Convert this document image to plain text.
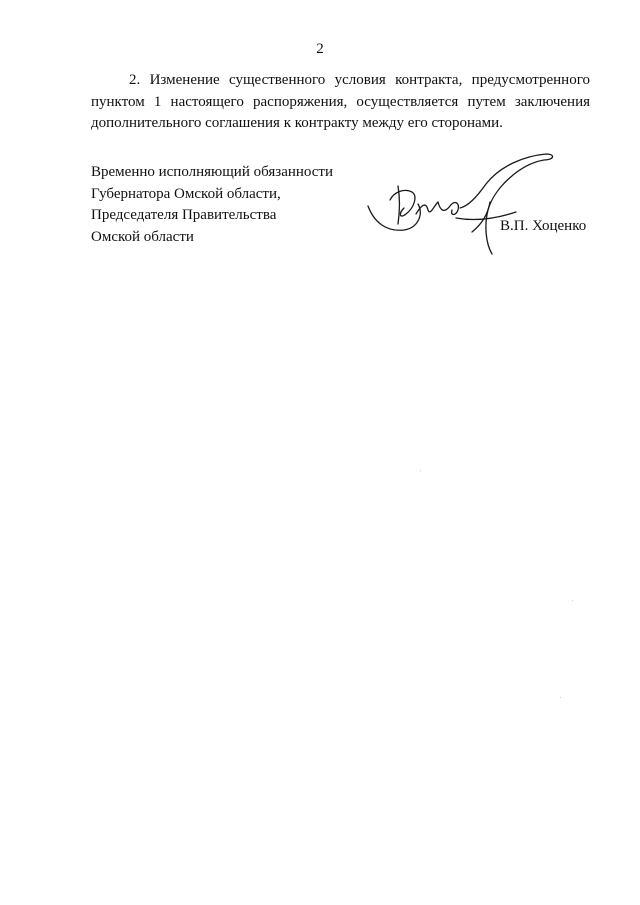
2

2. Изменение существенного условия контракта, предусмотренного пунктом 1 настоящего распоряжения, осуществляется путем заключения дополнительного соглашения к контракту между его сторонами.

Временно исполняющий обязанности
Губернатора Омской области,
Председателя Правительства
Омской области
В.П. Хоценко
